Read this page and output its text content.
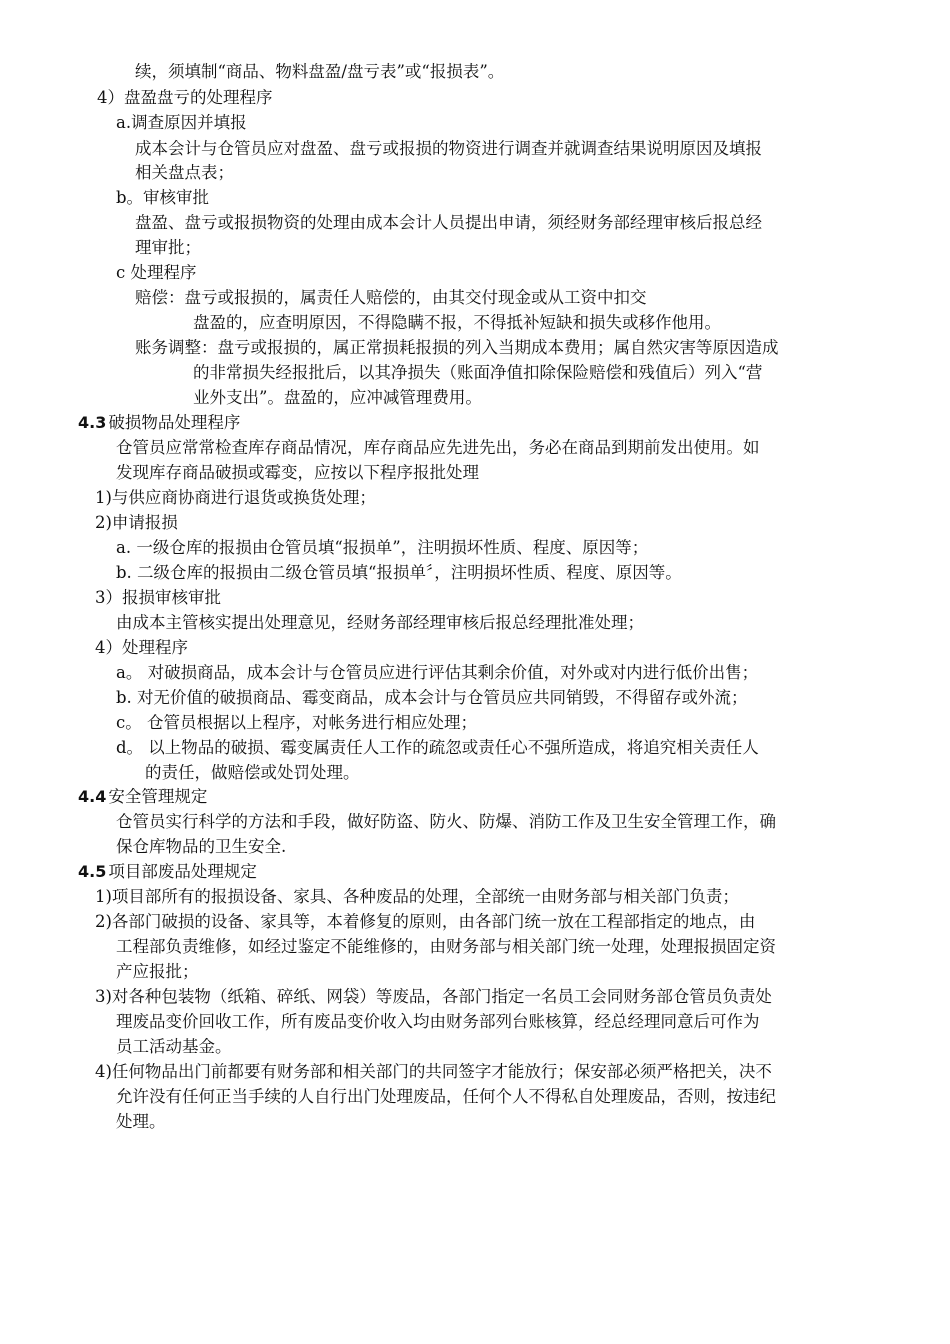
续，须填制“商品、物料盘盈/盘亏表”或“报损表”。
4）盘盈盘亏的处理程序
a.调查原因并填报
成本会计与仓管员应对盘盈、盘亏或报损的物资进行调查并就调查结果说明原因及填报
相关盘点表；
b。审核审批
盘盈、盘亏或报损物资的处理由成本会计人员提出申请，须经财务部经理审核后报总经
理审批；
c 处理程序
赔偿：盘亏或报损的，属责任人赔偿的，由其交付现金或从工资中扣交
盘盈的，应查明原因，不得隐瞒不报，不得抵补短缺和损失或移作他用。
账务调整：盘亏或报损的，属正常损耗报损的列入当期成本费用；属自然灾害等原因造成
的非常损失经报批后，以其净损失（账面净值扣除保险赔偿和残值后）列入“营
业外支出”。盘盈的，应冲减管理费用。
4.3 破损物品处理程序
仓管员应常常检查库存商品情况，库存商品应先进先出，务必在商品到期前发出使用。如
发现库存商品破损或霉变，应按以下程序报批处理
1)与供应商协商进行退货或换货处理；
2)申请报损
a. 一级仓库的报损由仓管员填“报损单”，注明损坏性质、程度、原因等；
b. 二级仓库的报损由二级仓管员填“报损单〞，注明损坏性质、程度、原因等。
3）报损审核审批
由成本主管核实提出处理意见，经财务部经理审核后报总经理批准处理；
4）处理程序
a。 对破损商品，成本会计与仓管员应进行评估其剩余价值，对外或对内进行低价出售；
b. 对无价值的破损商品、霉变商品，成本会计与仓管员应共同销毁，不得留存或外流；
c。 仓管员根据以上程序，对帐务进行相应处理；
d。 以上物品的破损、霉变属责任人工作的疏忽或责任心不强所造成，将追究相关责任人
的责任，做赔偿或处罚处理。
4.4 安全管理规定
仓管员实行科学的方法和手段，做好防盗、防火、防爆、消防工作及卫生安全管理工作，确
保仓库物品的卫生安全.
4.5 项目部废品处理规定
1)项目部所有的报损设备、家具、各种废品的处理，全部统一由财务部与相关部门负责；
2)各部门破损的设备、家具等，本着修复的原则，由各部门统一放在工程部指定的地点，由
工程部负责维修，如经过鉴定不能维修的，由财务部与相关部门统一处理，处理报损固定资
产应报批；
3)对各种包装物（纸箱、碎纸、网袋）等废品，各部门指定一名员工会同财务部仓管员负责处
理废品变价回收工作，所有废品变价收入均由财务部列台账核算，经总经理同意后可作为
员工活动基金。
4)任何物品出门前都要有财务部和相关部门的共同签字才能放行；保安部必须严格把关，决不
允许没有任何正当手续的人自行出门处理废品，任何个人不得私自处理废品，否则，按违纪
处理。
